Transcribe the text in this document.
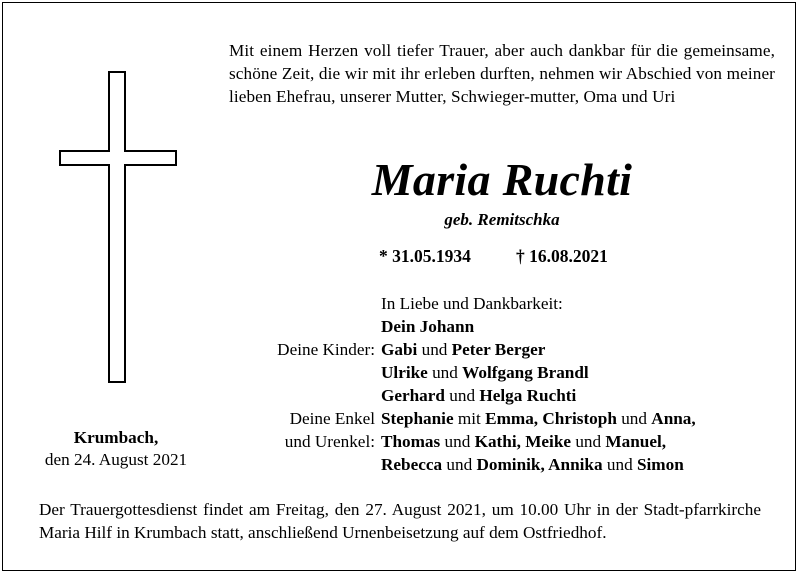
Mit einem Herzen voll tiefer Trauer, aber auch dankbar für die gemeinsame, schöne Zeit, die wir mit ihr erleben durften, nehmen wir Abschied von meiner lieben Ehefrau, unserer Mutter, Schwieger-mutter, Oma und Uri
Maria Ruchti
geb. Remitschka
* 31.05.1934	† 16.08.2021
In Liebe und Dankbarkeit:
Dein Johann
Deine Kinder: Gabi und Peter Berger
Ulrike und Wolfgang Brandl
Gerhard und Helga Ruchti
Deine Enkel Stephanie mit Emma, Christoph und Anna,
und Urenkel: Thomas und Kathi, Meike und Manuel,
Rebecca und Dominik, Annika und Simon
Krumbach,
den 24. August 2021
Der Trauergottesdienst findet am Freitag, den 27. August 2021, um 10.00 Uhr in der Stadt-pfarrkirche Maria Hilf in Krumbach statt, anschließend Urnenbeisetzung auf dem Ostfriedhof.
